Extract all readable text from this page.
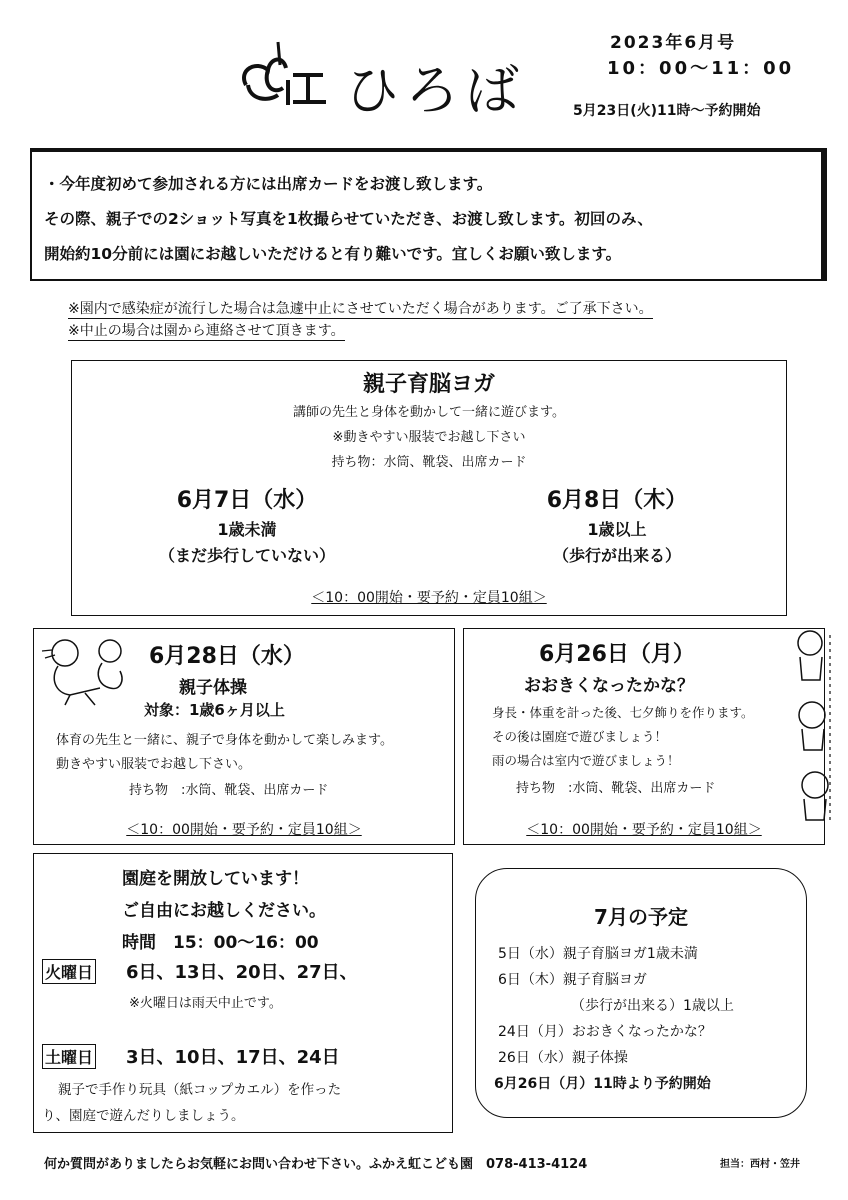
ひろば
2023年6月号
10：00〜11：00
5月23日(火)11時〜予約開始

・今年度初めて参加される方には出席カードをお渡し致します。

その際、親子での2ショット写真を1枚撮らせていただき、お渡し致します。初回のみ、

開始約10分前には園にお越しいただけると有り難いです。宜しくお願い致します。

※園内で感染症が流行した場合は急遽中止にさせていただく場合があります。ご了承下さい。
※中止の場合は園から連絡させて頂きます。
親子育脳ヨガ
講師の先生と身体を動かして一緒に遊びます。
※動きやすい服装でお越し下さい
持ち物：水筒、靴袋、出席カード
6月7日（水）
1歳未満
（まだ歩行していない）
6月8日（木）
1歳以上
（歩行が出来る）
＜10：00開始・要予約・定員10組＞
6月28日（水）
親子体操
対象：1歳6ヶ月以上
体育の先生と一緒に、親子で身体を動かして楽しみます。
動きやすい服装でお越し下さい。
持ち物　:水筒、靴袋、出席カード
＜10：00開始・要予約・定員10組＞
6月26日（月）
おおきくなったかな？
身長・体重を計った後、七夕飾りを作ります。
その後は園庭で遊びましょう！
雨の場合は室内で遊びましょう！
持ち物　:水筒、靴袋、出席カード
＜10：00開始・要予約・定員10組＞
園庭を開放しています！
ご自由にお越しください。
時間　15：00〜16：00
火曜日 6日、13日、20日、27日、
※火曜日は雨天中止です。
土曜日 3日、10日、17日、24日
親子で手作り玩具（紙コップカエル）を作った
り、園庭で遊んだりしましょう。
7月の予定
5日（水）親子育脳ヨガ1歳未満
6日（木）親子育脳ヨガ
（歩行が出来る）1歳以上
24日（月）おおきくなったかな？
26日（水）親子体操
6月26日（月）11時より予約開始
何か質問がありましたらお気軽にお問い合わせ下さい。ふかえ虹こども園　078-413-4124	担当：西村・笠井
